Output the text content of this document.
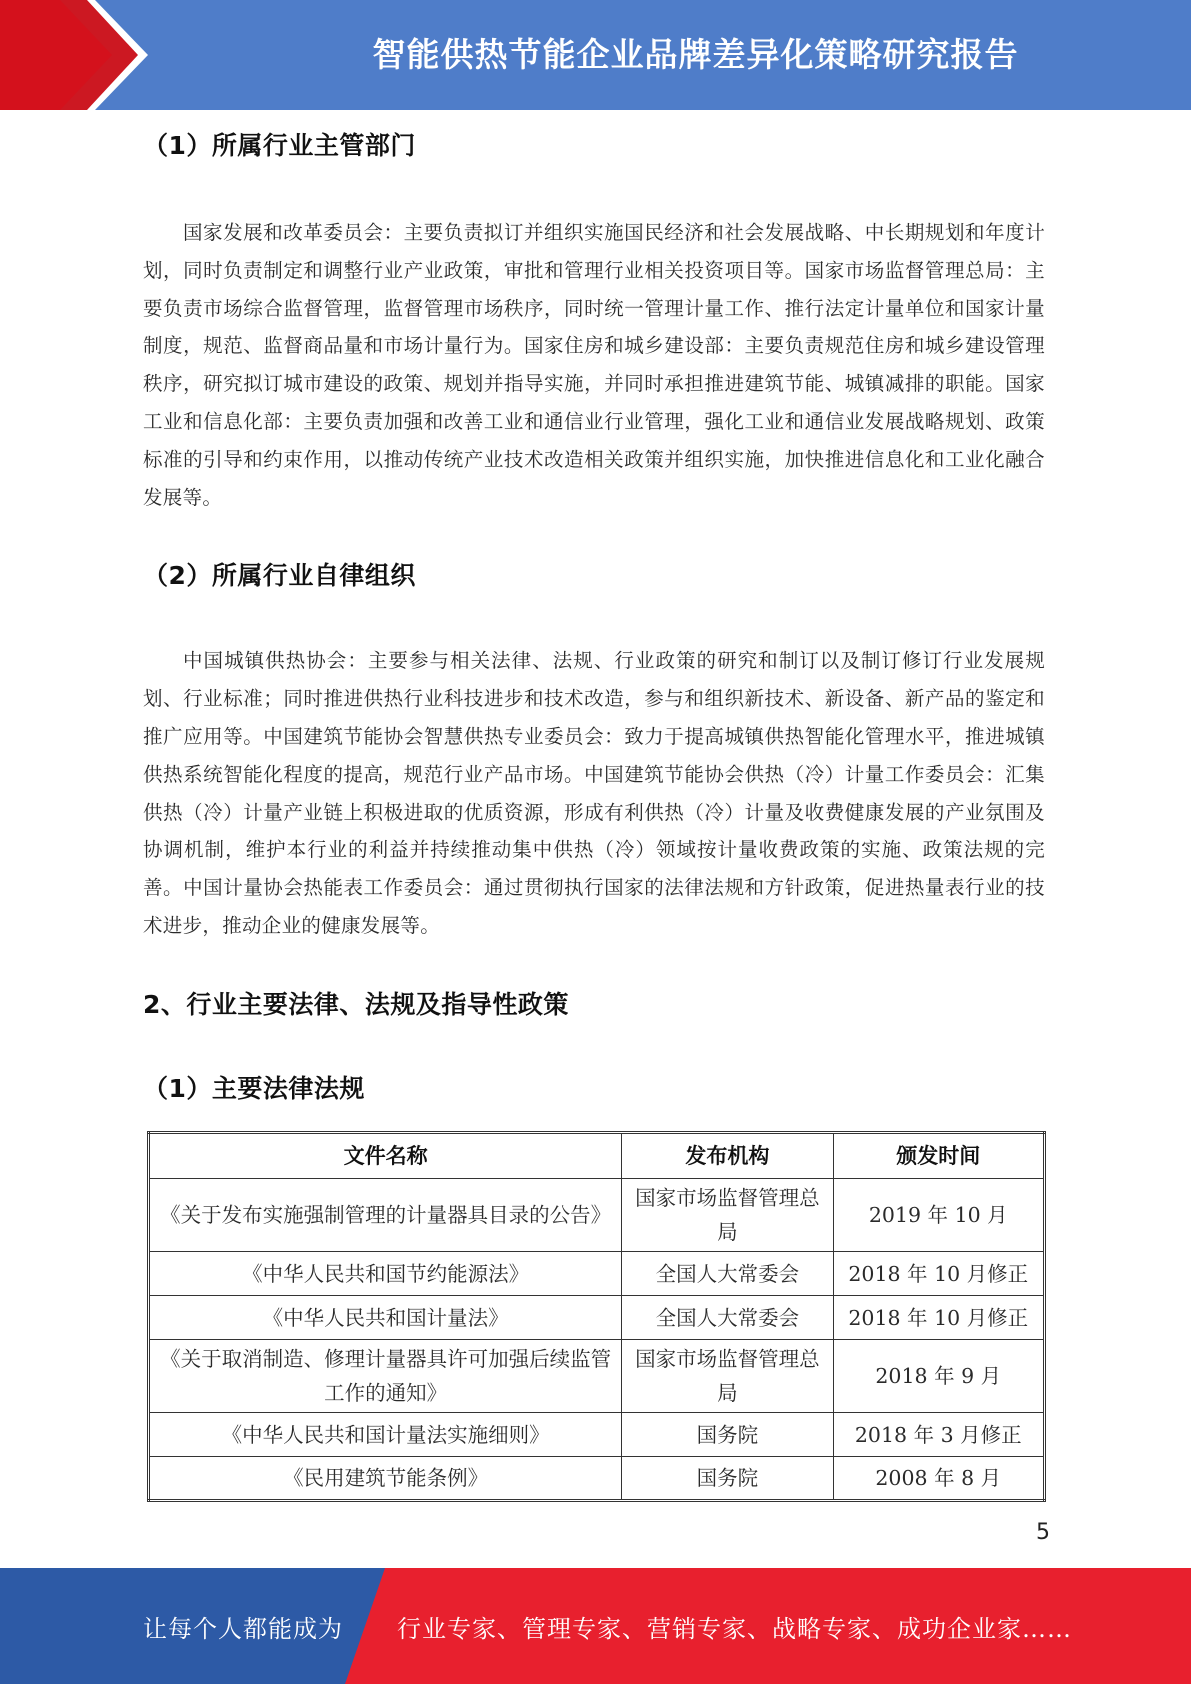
智能供热节能企业品牌差异化策略研究报告
（1）所属行业主管部门

国家发展和改革委员会：主要负责拟订并组织实施国民经济和社会发展战略、中长期规划和年度计划，同时负责制定和调整行业产业政策，审批和管理行业相关投资项目等。国家市场监督管理总局：主要负责市场综合监督管理，监督管理市场秩序，同时统一管理计量工作、推行法定计量单位和国家计量制度，规范、监督商品量和市场计量行为。国家住房和城乡建设部：主要负责规范住房和城乡建设管理秩序，研究拟订城市建设的政策、规划并指导实施，并同时承担推进建筑节能、城镇减排的职能。国家工业和信息化部：主要负责加强和改善工业和通信业行业管理，强化工业和通信业发展战略规划、政策标准的引导和约束作用，以推动传统产业技术改造相关政策并组织实施，加快推进信息化和工业化融合发展等。

（2）所属行业自律组织

中国城镇供热协会：主要参与相关法律、法规、行业政策的研究和制订以及制订修订行业发展规划、行业标准；同时推进供热行业科技进步和技术改造，参与和组织新技术、新设备、新产品的鉴定和推广应用等。中国建筑节能协会智慧供热专业委员会：致力于提高城镇供热智能化管理水平，推进城镇供热系统智能化程度的提高，规范行业产品市场。中国建筑节能协会供热（冷）计量工作委员会：汇集供热（冷）计量产业链上积极进取的优质资源，形成有利供热（冷）计量及收费健康发展的产业氛围及协调机制，维护本行业的利益并持续推动集中供热（冷）领域按计量收费政策的实施、政策法规的完善。中国计量协会热能表工作委员会：通过贯彻执行国家的法律法规和方针政策，促进热量表行业的技术进步，推动企业的健康发展等。

2、行业主要法律、法规及指导性政策
（1）主要法律法规
文件名称	发布机构	颁发时间
《关于发布实施强制管理的计量器具目录的公告》	国家市场监督管理总局	2019 年 10 月
《中华人民共和国节约能源法》	全国人大常委会	2018 年 10 月修正
《中华人民共和国计量法》	全国人大常委会	2018 年 10 月修正
《关于取消制造、修理计量器具许可加强后续监管工作的通知》	国家市场监督管理总局	2018 年 9 月
《中华人民共和国计量法实施细则》	国务院	2018 年 3 月修正
《民用建筑节能条例》	国务院	2008 年 8 月
5
让每个人都能成为 行业专家、管理专家、营销专家、战略专家、成功企业家……
